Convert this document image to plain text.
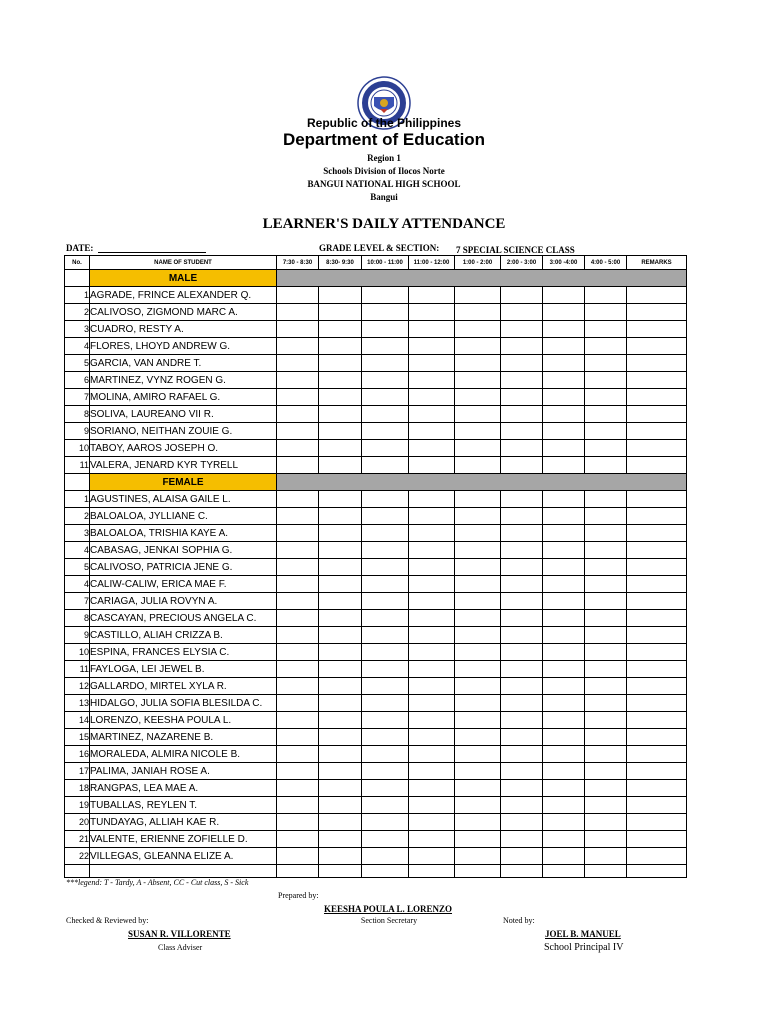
Republic of the Philippines
Department of Education
Region 1
Schools Division of Ilocos Norte
BANGUI NATIONAL HIGH SCHOOL
Bangui
LEARNER'S DAILY ATTENDANCE
DATE:	GRADE LEVEL & SECTION: 7 SPECIAL SCIENCE CLASS
No.	NAME OF STUDENT	7:30 - 8:30	8:30- 9:30	10:00 - 11:00	11:00 - 12:00	1:00 - 2:00	2:00 - 3:00	3:00 -4:00	4:00 - 5:00	REMARKS
	MALE									
1	AGRADE, FRINCE ALEXANDER Q.									
2	CALIVOSO, ZIGMOND MARC A.									
3	CUADRO, RESTY A.									
4	FLORES, LHOYD ANDREW G.									
5	GARCIA, VAN ANDRE T.									
6	MARTINEZ, VYNZ ROGEN G.									
7	MOLINA, AMIRO RAFAEL G.									
8	SOLIVA, LAUREANO VII R.									
9	SORIANO, NEITHAN ZOUIE G.									
10	TABOY, AAROS JOSEPH O.									
11	VALERA, JENARD KYR TYRELL									
	FEMALE									
1	AGUSTINES, ALAISA GAILE L.									
2	BALOALOA, JYLLIANE C.									
3	BALOALOA, TRISHIA KAYE A.									
4	CABASAG, JENKAI SOPHIA G.									
5	CALIVOSO, PATRICIA JENE G.									
4	CALIW-CALIW, ERICA MAE F.									
7	CARIAGA, JULIA ROVYN A.									
8	CASCAYAN, PRECIOUS ANGELA C.									
9	CASTILLO, ALIAH CRIZZA B.									
10	ESPINA, FRANCES ELYSIA C.									
11	FAYLOGA, LEI JEWEL B.									
12	GALLARDO, MIRTEL XYLA R.									
13	HIDALGO, JULIA SOFIA BLESILDA C.									
14	LORENZO, KEESHA POULA L.									
15	MARTINEZ, NAZARENE B.									
16	MORALEDA, ALMIRA NICOLE B.									
17	PALIMA, JANIAH ROSE A.									
18	RANGPAS, LEA MAE A.									
19	TUBALLAS, REYLEN T.									
20	TUNDAYAG, ALLIAH KAE R.									
21	VALENTE, ERIENNE ZOFIELLE D.									
22	VILLEGAS, GLEANNA ELIZE A.									

***legend: T - Tardy, A - Absent, CC - Cut class, S - Sick
Prepared by:
KEESHA POULA L. LORENZO
Section Secretary
Checked & Reviewed by:
SUSAN R. VILLORENTE
Class Adviser
Noted by:
JOEL B. MANUEL
School Principal IV
